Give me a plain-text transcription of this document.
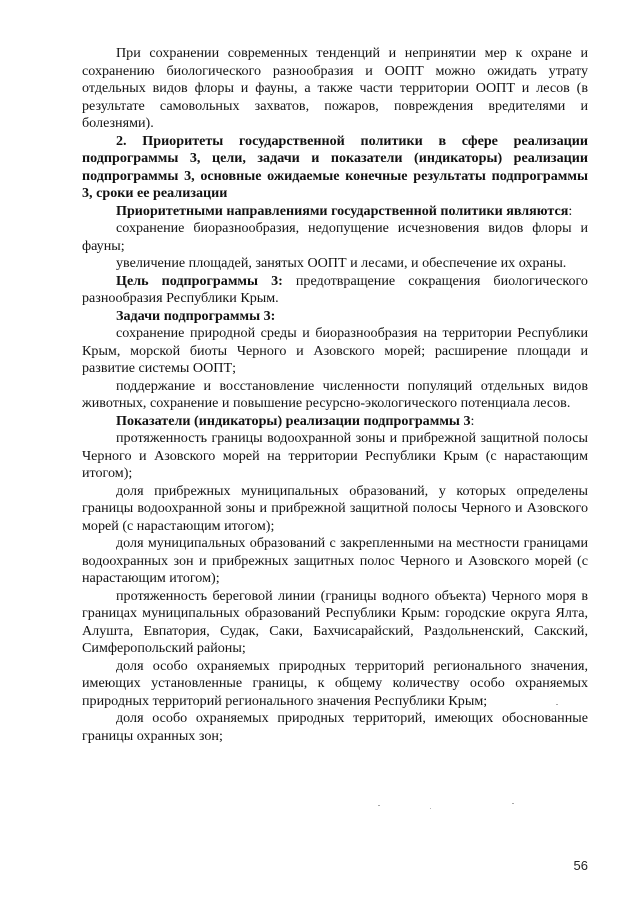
При сохранении современных тенденций и непринятии мер к охране и сохранению биологического разнообразия и ООПТ можно ожидать утрату отдельных видов флоры и фауны, а также части территории ООПТ и лесов (в результате самовольных захватов, пожаров, повреждения вредителями и болезнями).

2. Приоритеты государственной политики в сфере реализации подпрограммы 3, цели, задачи и показатели (индикаторы) реализации подпрограммы 3, основные ожидаемые конечные результаты подпрограммы 3, сроки ее реализации

Приоритетными направлениями государственной политики являются:

сохранение биоразнообразия, недопущение исчезновения видов флоры и фауны;

увеличение площадей, занятых ООПТ и лесами, и обеспечение их охраны.

Цель подпрограммы 3: предотвращение сокращения биологического разнообразия Республики Крым.

Задачи подпрограммы 3:

сохранение природной среды и биоразнообразия на территории Республики Крым, морской биоты Черного и Азовского морей; расширение площади и развитие системы ООПТ;

поддержание и восстановление численности популяций отдельных видов животных, сохранение и повышение ресурсно-экологического потенциала лесов.

Показатели (индикаторы) реализации подпрограммы 3:

протяженность границы водоохранной зоны и прибрежной защитной полосы Черного и Азовского морей на территории Республики Крым (с нарастающим итогом);

доля прибрежных муниципальных образований, у которых определены границы водоохранной зоны и прибрежной защитной полосы Черного и Азовского морей (с нарастающим итогом);

доля муниципальных образований с закрепленными на местности границами водоохранных зон и прибрежных защитных полос Черного и Азовского морей (с нарастающим итогом);

протяженность береговой линии (границы водного объекта) Черного моря в границах муниципальных образований Республики Крым: городские округа Ялта, Алушта, Евпатория, Судак, Саки, Бахчисарайский, Раздольненский, Сакский, Симферопольский районы;

доля особо охраняемых природных территорий регионального значения, имеющих установленные границы, к общему количеству особо охраняемых природных территорий регионального значения Республики Крым;

доля особо охраняемых природных территорий, имеющих обоснованные границы охранных зон;

56
